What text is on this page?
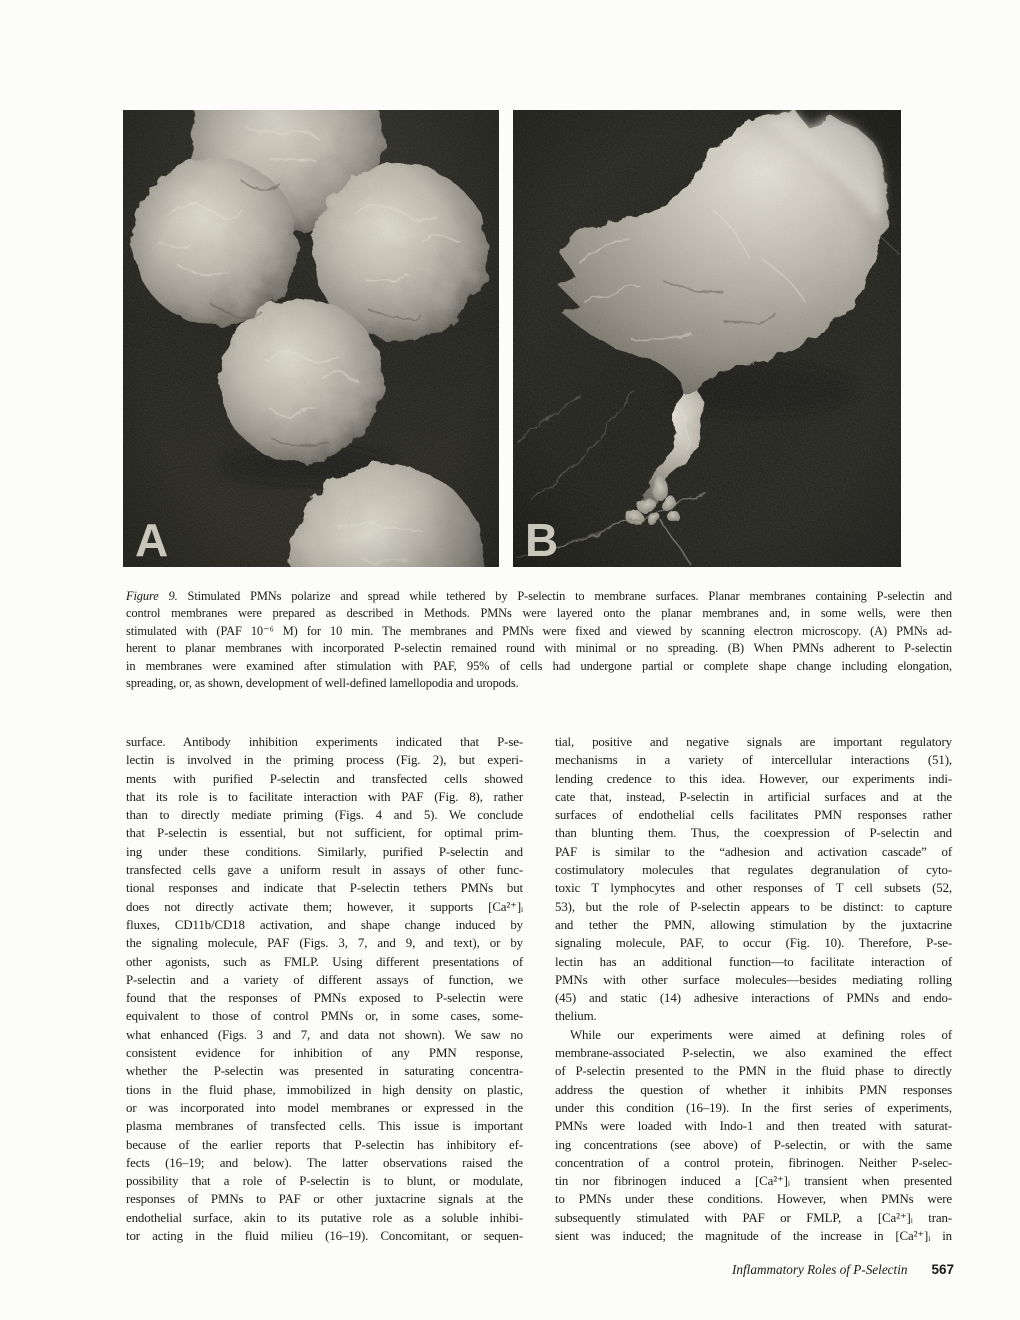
A	B
Figure 9. Stimulated PMNs polarize and spread while tethered by P-selectin to membrane surfaces. Planar membranes containing P-selectin and
control membranes were prepared as described in Methods. PMNs were layered onto the planar membranes and, in some wells, were then
stimulated with (PAF 10⁻⁶ M) for 10 min. The membranes and PMNs were fixed and viewed by scanning electron microscopy. (A) PMNs ad-
herent to planar membranes with incorporated P-selectin remained round with minimal or no spreading. (B) When PMNs adherent to P-selectin
in membranes were examined after stimulation with PAF, 95% of cells had undergone partial or complete shape change including elongation,
spreading, or, as shown, development of well-defined lamellopodia and uropods.
surface. Antibody inhibition experiments indicated that P-se-
lectin is involved in the priming process (Fig. 2), but experi-
ments with purified P-selectin and transfected cells showed
that its role is to facilitate interaction with PAF (Fig. 8), rather
than to directly mediate priming (Figs. 4 and 5). We conclude
that P-selectin is essential, but not sufficient, for optimal prim-
ing under these conditions. Similarly, purified P-selectin and
transfected cells gave a uniform result in assays of other func-
tional responses and indicate that P-selectin tethers PMNs but
does not directly activate them; however, it supports [Ca²⁺]ᵢ
fluxes, CD11b/CD18 activation, and shape change induced by
the signaling molecule, PAF (Figs. 3, 7, and 9, and text), or by
other agonists, such as FMLP. Using different presentations of
P-selectin and a variety of different assays of function, we
found that the responses of PMNs exposed to P-selectin were
equivalent to those of control PMNs or, in some cases, some-
what enhanced (Figs. 3 and 7, and data not shown). We saw no
consistent evidence for inhibition of any PMN response,
whether the P-selectin was presented in saturating concentra-
tions in the fluid phase, immobilized in high density on plastic,
or was incorporated into model membranes or expressed in the
plasma membranes of transfected cells. This issue is important
because of the earlier reports that P-selectin has inhibitory ef-
fects (16–19; and below). The latter observations raised the
possibility that a role of P-selectin is to blunt, or modulate,
responses of PMNs to PAF or other juxtacrine signals at the
endothelial surface, akin to its putative role as a soluble inhibi-
tor acting in the fluid milieu (16–19). Concomitant, or sequen-
tial, positive and negative signals are important regulatory
mechanisms in a variety of intercellular interactions (51),
lending credence to this idea. However, our experiments indi-
cate that, instead, P-selectin in artificial surfaces and at the
surfaces of endothelial cells facilitates PMN responses rather
than blunting them. Thus, the coexpression of P-selectin and
PAF is similar to the “adhesion and activation cascade” of
costimulatory molecules that regulates degranulation of cyto-
toxic T lymphocytes and other responses of T cell subsets (52,
53), but the role of P-selectin appears to be distinct: to capture
and tether the PMN, allowing stimulation by the juxtacrine
signaling molecule, PAF, to occur (Fig. 10). Therefore, P-se-
lectin has an additional function—to facilitate interaction of
PMNs with other surface molecules—besides mediating rolling
(45) and static (14) adhesive interactions of PMNs and endo-
thelium.
While our experiments were aimed at defining roles of
membrane-associated P-selectin, we also examined the effect
of P-selectin presented to the PMN in the fluid phase to directly
address the question of whether it inhibits PMN responses
under this condition (16–19). In the first series of experiments,
PMNs were loaded with Indo-1 and then treated with saturat-
ing concentrations (see above) of P-selectin, or with the same
concentration of a control protein, fibrinogen. Neither P-selec-
tin nor fibrinogen induced a [Ca²⁺]ᵢ transient when presented
to PMNs under these conditions. However, when PMNs were
subsequently stimulated with PAF or FMLP, a [Ca²⁺]ᵢ tran-
sient was induced; the magnitude of the increase in [Ca²⁺]ᵢ in
Inflammatory Roles of P-Selectin 567
